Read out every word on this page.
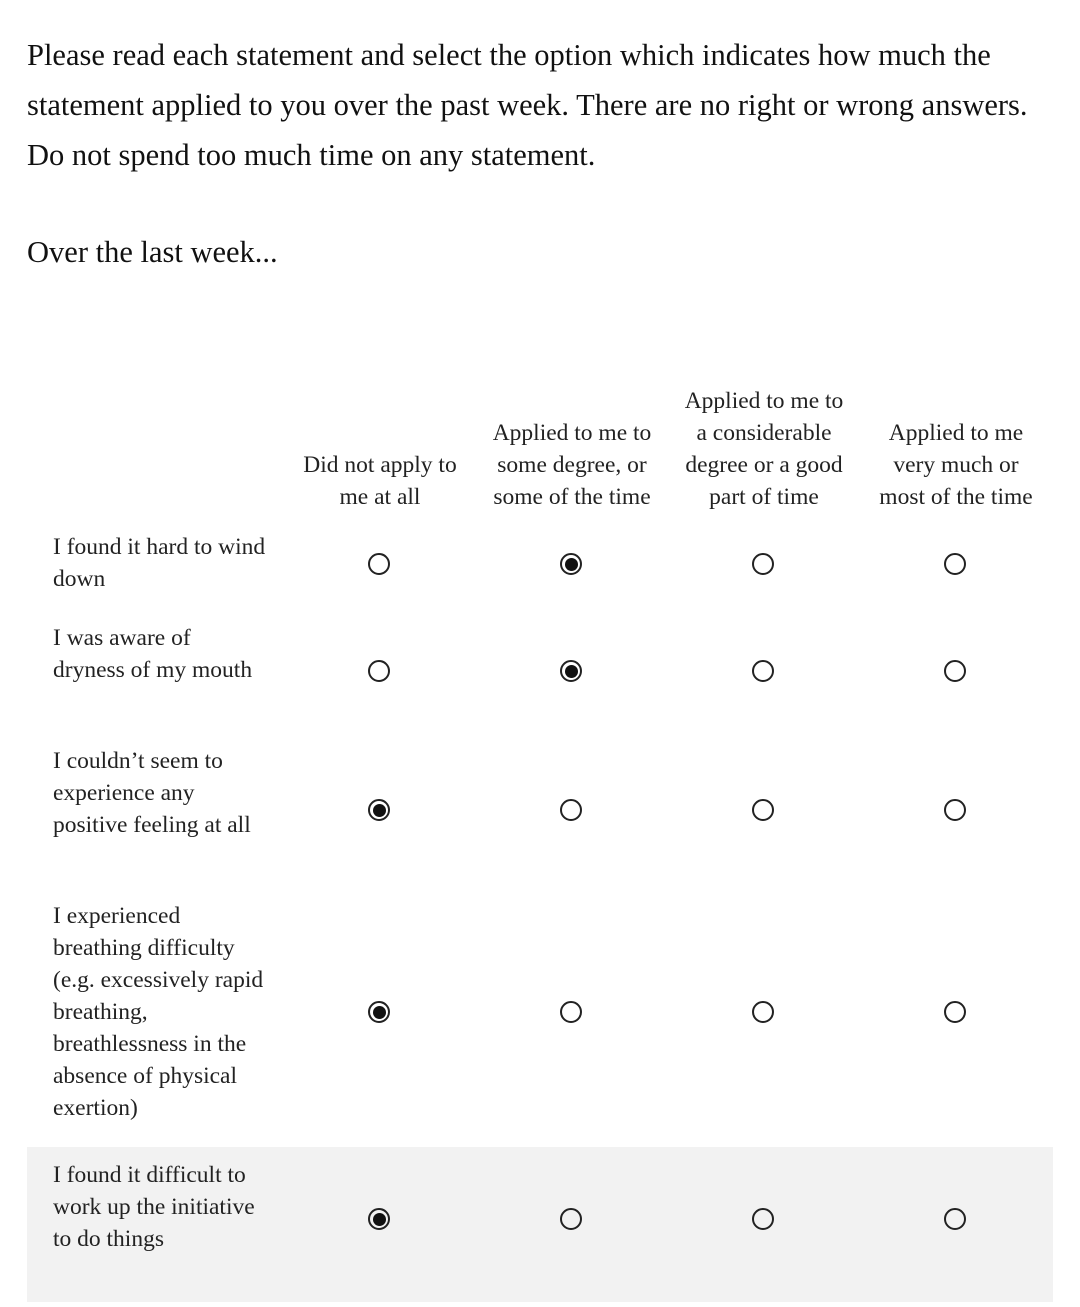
Please read each statement and select the option which indicates how much the statement applied to you over the past week. There are no right or wrong answers. Do not spend too much time on any statement.

Over the last week...

Did not apply to me at all
Applied to me to some degree, or some of the time
Applied to me to a considerable degree or a good part of time
Applied to me very much or most of the time
I found it hard to wind down
I was aware of dryness of my mouth
I couldn’t seem to experience any positive feeling at all
I experienced breathing difficulty (e.g. excessively rapid breathing, breathlessness in the absence of physical exertion)
I found it difficult to work up the initiative to do things
